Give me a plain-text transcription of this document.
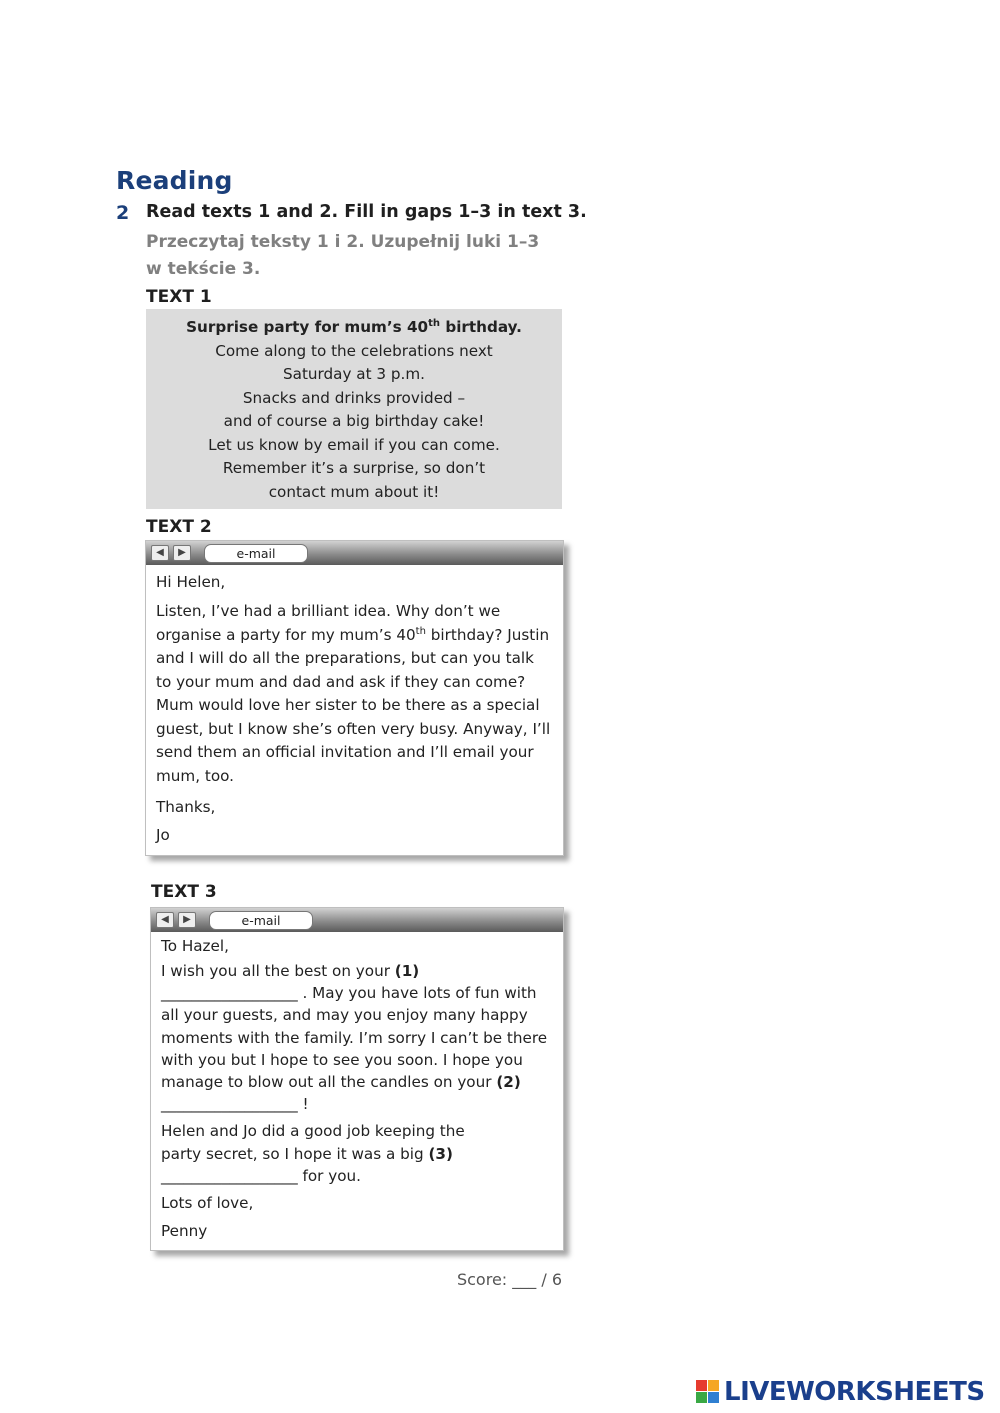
Reading
2 Read texts 1 and 2. Fill in gaps 1–3 in text 3.
Przeczytaj teksty 1 i 2. Uzupełnij luki 1–3
w tekście 3.
TEXT 1
Surprise party for mum’s 40th birthday.
Come along to the celebrations next
Saturday at 3 p.m.
Snacks and drinks provided –
and of course a big birthday cake!
Let us know by email if you can come.
Remember it’s a surprise, so don’t
contact mum about it!
TEXT 2
◀	▶	e-mail

Hi Helen,

Listen, I’ve had a brilliant idea. Why don’t we organise a party for my mum’s 40th birthday? Justin and I will do all the preparations, but can you talk to your mum and dad and ask if they can come? Mum would love her sister to be there as a special guest, but I know she’s often very busy. Anyway, I’ll send them an official invitation and I’ll email your mum, too.

Thanks,

Jo

TEXT 3
◀	▶	e-mail

To Hazel,

I wish you all the best on your (1) __________________ . May you have lots of fun with all your guests, and may you enjoy many happy moments with the family. I’m sorry I can’t be there with you but I hope to see you soon. I hope you manage to blow out all the candles on your (2) __________________ !

Helen and Jo did a good job keeping the party secret, so I hope it was a big (3) __________________ for you.

Lots of love,

Penny

Score: ___ / 6
LIVEWORKSHEETS
